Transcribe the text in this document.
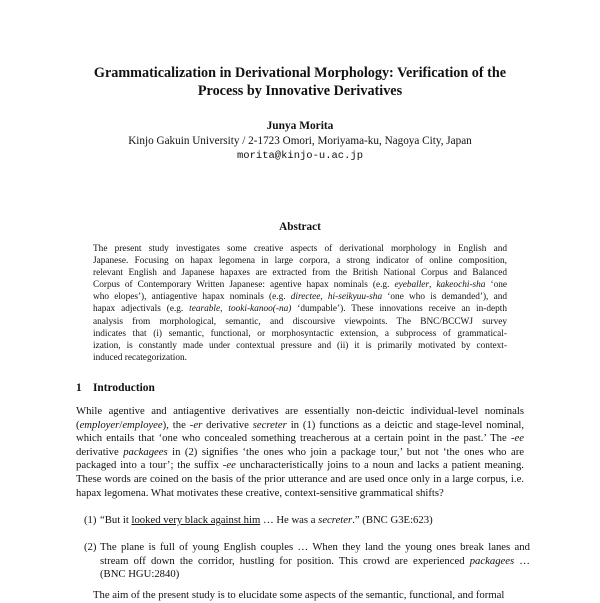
Grammaticalization in Derivational Morphology: Verification of the
Process by Innovative Derivatives
Junya Morita
Kinjo Gakuin University / 2-1723 Omori, Moriyama-ku, Nagoya City, Japan
morita@kinjo-u.ac.jp
Abstract
The present study investigates some creative aspects of derivational morphology in English and
Japanese. Focusing on hapax legomena in large corpora, a strong indicator of online composition,
relevant English and Japanese hapaxes are extracted from the British National Corpus and Balanced
Corpus of Contemporary Written Japanese: agentive hapax nominals (e.g. eyeballer, kakeochi-sha ‘one
who elopes’), antiagentive hapax nominals (e.g. directee, hi-seikyuu-sha ‘one who is demanded’), and
hapax adjectivals (e.g. tearable, tooki-kanoo(-na) ‘dumpable’). These innovations receive an in-depth
analysis from morphological, semantic, and discoursive viewpoints. The BNC/BCCWJ survey
indicates that (i) semantic, functional, or morphosyntactic extension, a subprocess of grammatical-
ization, is constantly made under contextual pressure and (ii) it is primarily motivated by context-
induced recategorization.
1 Introduction
While agentive and antiagentive derivatives are essentially non-deictic individual-level nominals
(employer/employee), the -er derivative secreter in (1) functions as a deictic and stage-level nominal,
which entails that ‘one who concealed something treacherous at a certain point in the past.’ The -ee
derivative packagees in (2) signifies ‘the ones who join a package tour,’ but not ‘the ones who are
packaged into a tour’; the suffix -ee uncharacteristically joins to a noun and lacks a patient meaning.
These words are coined on the basis of the prior utterance and are used once only in a large corpus, i.e.
hapax legomena. What motivates these creative, context-sensitive grammatical shifts?
(1) “But it looked very black against him … He was a secreter.” (BNC G3E:623)
(2) The plane is full of young English couples … When they land the young ones break lanes and
stream off down the corridor, hustling for position. This crowd are experienced packagees …
(BNC HGU:2840)
The aim of the present study is to elucidate some aspects of the semantic, functional, and formal
